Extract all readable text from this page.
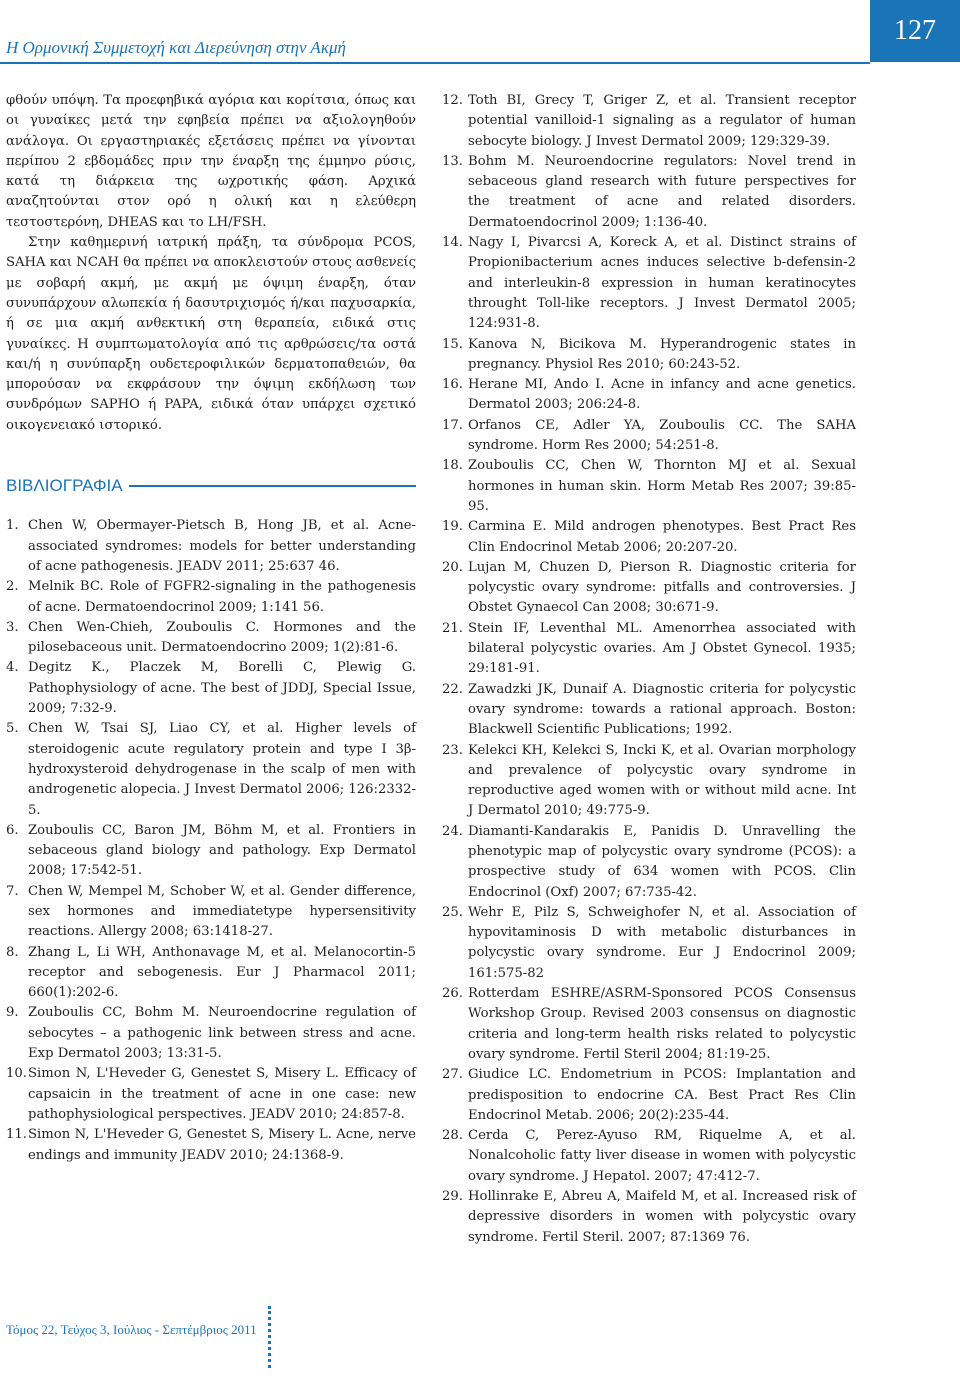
Η Ορμονική Συμμετοχή και Διερεύνηση στην Ακμή
127

φθούν υπόψη. Τα προεφηβικά αγόρια και κορίτσια, όπως και οι γυναίκες μετά την εφηβεία πρέπει να αξιολογηθούν ανάλογα. Οι εργαστηριακές εξετάσεις πρέπει να γίνονται περίπου 2 εβδομάδες πριν την έναρξη της έμμηνο ρύσις, κατά τη διάρκεια της ωχροτικής φάση. Αρχικά αναζητούνται στον ορό η ολική και η ελεύθερη τεστοστερόνη, DHEAS και το LH/FSH.

Στην καθημερινή ιατρική πράξη, τα σύνδρομα PCOS, SAHA και NCAH θα πρέπει να αποκλειστούν στους ασθενείς με σοβαρή ακμή, με ακμή με όψιμη έναρξη, όταν συνυπάρχουν αλωπεκία ή δασυτριχισμός ή/και παχυσαρκία, ή σε μια ακμή ανθεκτική στη θεραπεία, ειδικά στις γυναίκες. Η συμπτωματολογία από τις αρθρώσεις/τα οστά και/ή η συνύπαρξη ουδετεροφιλικών δερματοπαθειών, θα μπορούσαν να εκφράσουν την όψιμη εκδήλωση των συνδρόμων SAPHO ή PAPA, ειδικά όταν υπάρχει σχετικό οικογενειακό ιστορικό.

ΒΙΒΛΙΟΓΡΑΦΙΑ
1. Chen W, Obermayer-Pietsch B, Hong JB, et al. Acne-associated syndromes: models for better understanding of acne pathogenesis. JEADV 2011; 25:637 46.
2. Melnik BC. Role of FGFR2-signaling in the pathogenesis of acne. Dermatoendocrinol 2009; 1:141 56.
3. Chen Wen-Chieh, Zouboulis C. Hormones and the pilosebaceous unit. Dermatoendocrino 2009; 1(2):81-6.
4. Degitz K., Placzek M, Borelli C, Plewig G. Pathophysiology of acne. The best of JDDJ, Special Issue, 2009; 7:32-9.
5. Chen W, Tsai SJ, Liao CY, et al. Higher levels of steroidogenic acute regulatory protein and type I 3β-hydroxysteroid dehydrogenase in the scalp of men with androgenetic alopecia. J Invest Dermatol 2006; 126:2332-5.
6. Zouboulis CC, Baron JM, Böhm M, et al. Frontiers in sebaceous gland biology and pathology. Exp Dermatol 2008; 17:542-51.
7. Chen W, Mempel M, Schober W, et al. Gender difference, sex hormones and immediatetype hypersensitivity reactions. Allergy 2008; 63:1418-27.
8. Zhang L, Li WH, Anthonavage M, et al. Melanocortin-5 receptor and sebogenesis. Eur J Pharmacol 2011; 660(1):202-6.
9. Zouboulis CC, Bohm M. Neuroendocrine regulation of sebocytes – a pathogenic link between stress and acne. Exp Dermatol 2003; 13:31-5.
10. Simon N, L'Heveder G, Genestet S, Misery L. Efficacy of capsaicin in the treatment of acne in one case: new pathophysiological perspectives. JEADV 2010; 24:857-8.
11. Simon N, L'Heveder G, Genestet S, Misery L. Acne, nerve endings and immunity JEADV 2010; 24:1368-9.
12. Toth BI, Grecy T, Griger Z, et al. Transient receptor potential vanilloid-1 signaling as a regulator of human sebocyte biology. J Invest Dermatol 2009; 129:329-39.
13. Bohm M. Neuroendocrine regulators: Novel trend in sebaceous gland research with future perspectives for the treatment of acne and related disorders. Dermatoendocrinol 2009; 1:136-40.
14. Nagy I, Pivarcsi A, Koreck A, et al. Distinct strains of Propionibacterium acnes induces selective b-defensin-2 and interleukin-8 expression in human keratinocytes throught Toll-like receptors. J Invest Dermatol 2005; 124:931-8.
15. Kanova N, Bicikova M. Hyperandrogenic states in pregnancy. Physiol Res 2010; 60:243-52.
16. Herane MI, Ando I. Acne in infancy and acne genetics. Dermatol 2003; 206:24-8.
17. Orfanos CE, Adler YA, Zouboulis CC. The SAHA syndrome. Horm Res 2000; 54:251-8.
18. Zouboulis CC, Chen W, Thornton MJ et al. Sexual hormones in human skin. Horm Metab Res 2007; 39:85-95.
19. Carmina E. Mild androgen phenotypes. Best Pract Res Clin Endocrinol Metab 2006; 20:207-20.
20. Lujan M, Chuzen D, Pierson R. Diagnostic criteria for polycystic ovary syndrome: pitfalls and controversies. J Obstet Gynaecol Can 2008; 30:671-9.
21. Stein IF, Leventhal ML. Amenorrhea associated with bilateral polycystic ovaries. Am J Obstet Gynecol. 1935; 29:181-91.
22. Zawadzki JK, Dunaif A. Diagnostic criteria for polycystic ovary syndrome: towards a rational approach. Boston: Blackwell Scientific Publications; 1992.
23. Kelekci KH, Kelekci S, Incki K, et al. Ovarian morphology and prevalence of polycystic ovary syndrome in reproductive aged women with or without mild acne. Int J Dermatol 2010; 49:775-9.
24. Diamanti-Kandarakis E, Panidis D. Unravelling the phenotypic map of polycystic ovary syndrome (PCOS): a prospective study of 634 women with PCOS. Clin Endocrinol (Oxf) 2007; 67:735-42.
25. Wehr E, Pilz S, Schweighofer N, et al. Association of hypovitaminosis D with metabolic disturbances in polycystic ovary syndrome. Eur J Endocrinol 2009; 161:575-82
26. Rotterdam ESHRE/ASRM-Sponsored PCOS Consensus Workshop Group. Revised 2003 consensus on diagnostic criteria and long-term health risks related to polycystic ovary syndrome. Fertil Steril 2004; 81:19-25.
27. Giudice LC. Endometrium in PCOS: Implantation and predisposition to endocrine CA. Best Pract Res Clin Endocrinol Metab. 2006; 20(2):235-44.
28. Cerda C, Perez-Ayuso RM, Riquelme A, et al. Nonalcoholic fatty liver disease in women with polycystic ovary syndrome. J Hepatol. 2007; 47:412-7.
29. Hollinrake E, Abreu A, Maifeld M, et al. Increased risk of depressive disorders in women with polycystic ovary syndrome. Fertil Steril. 2007; 87:1369 76.
Τόμος 22, Τεύχος 3, Ιούλιος - Σεπτέμβριος 2011
